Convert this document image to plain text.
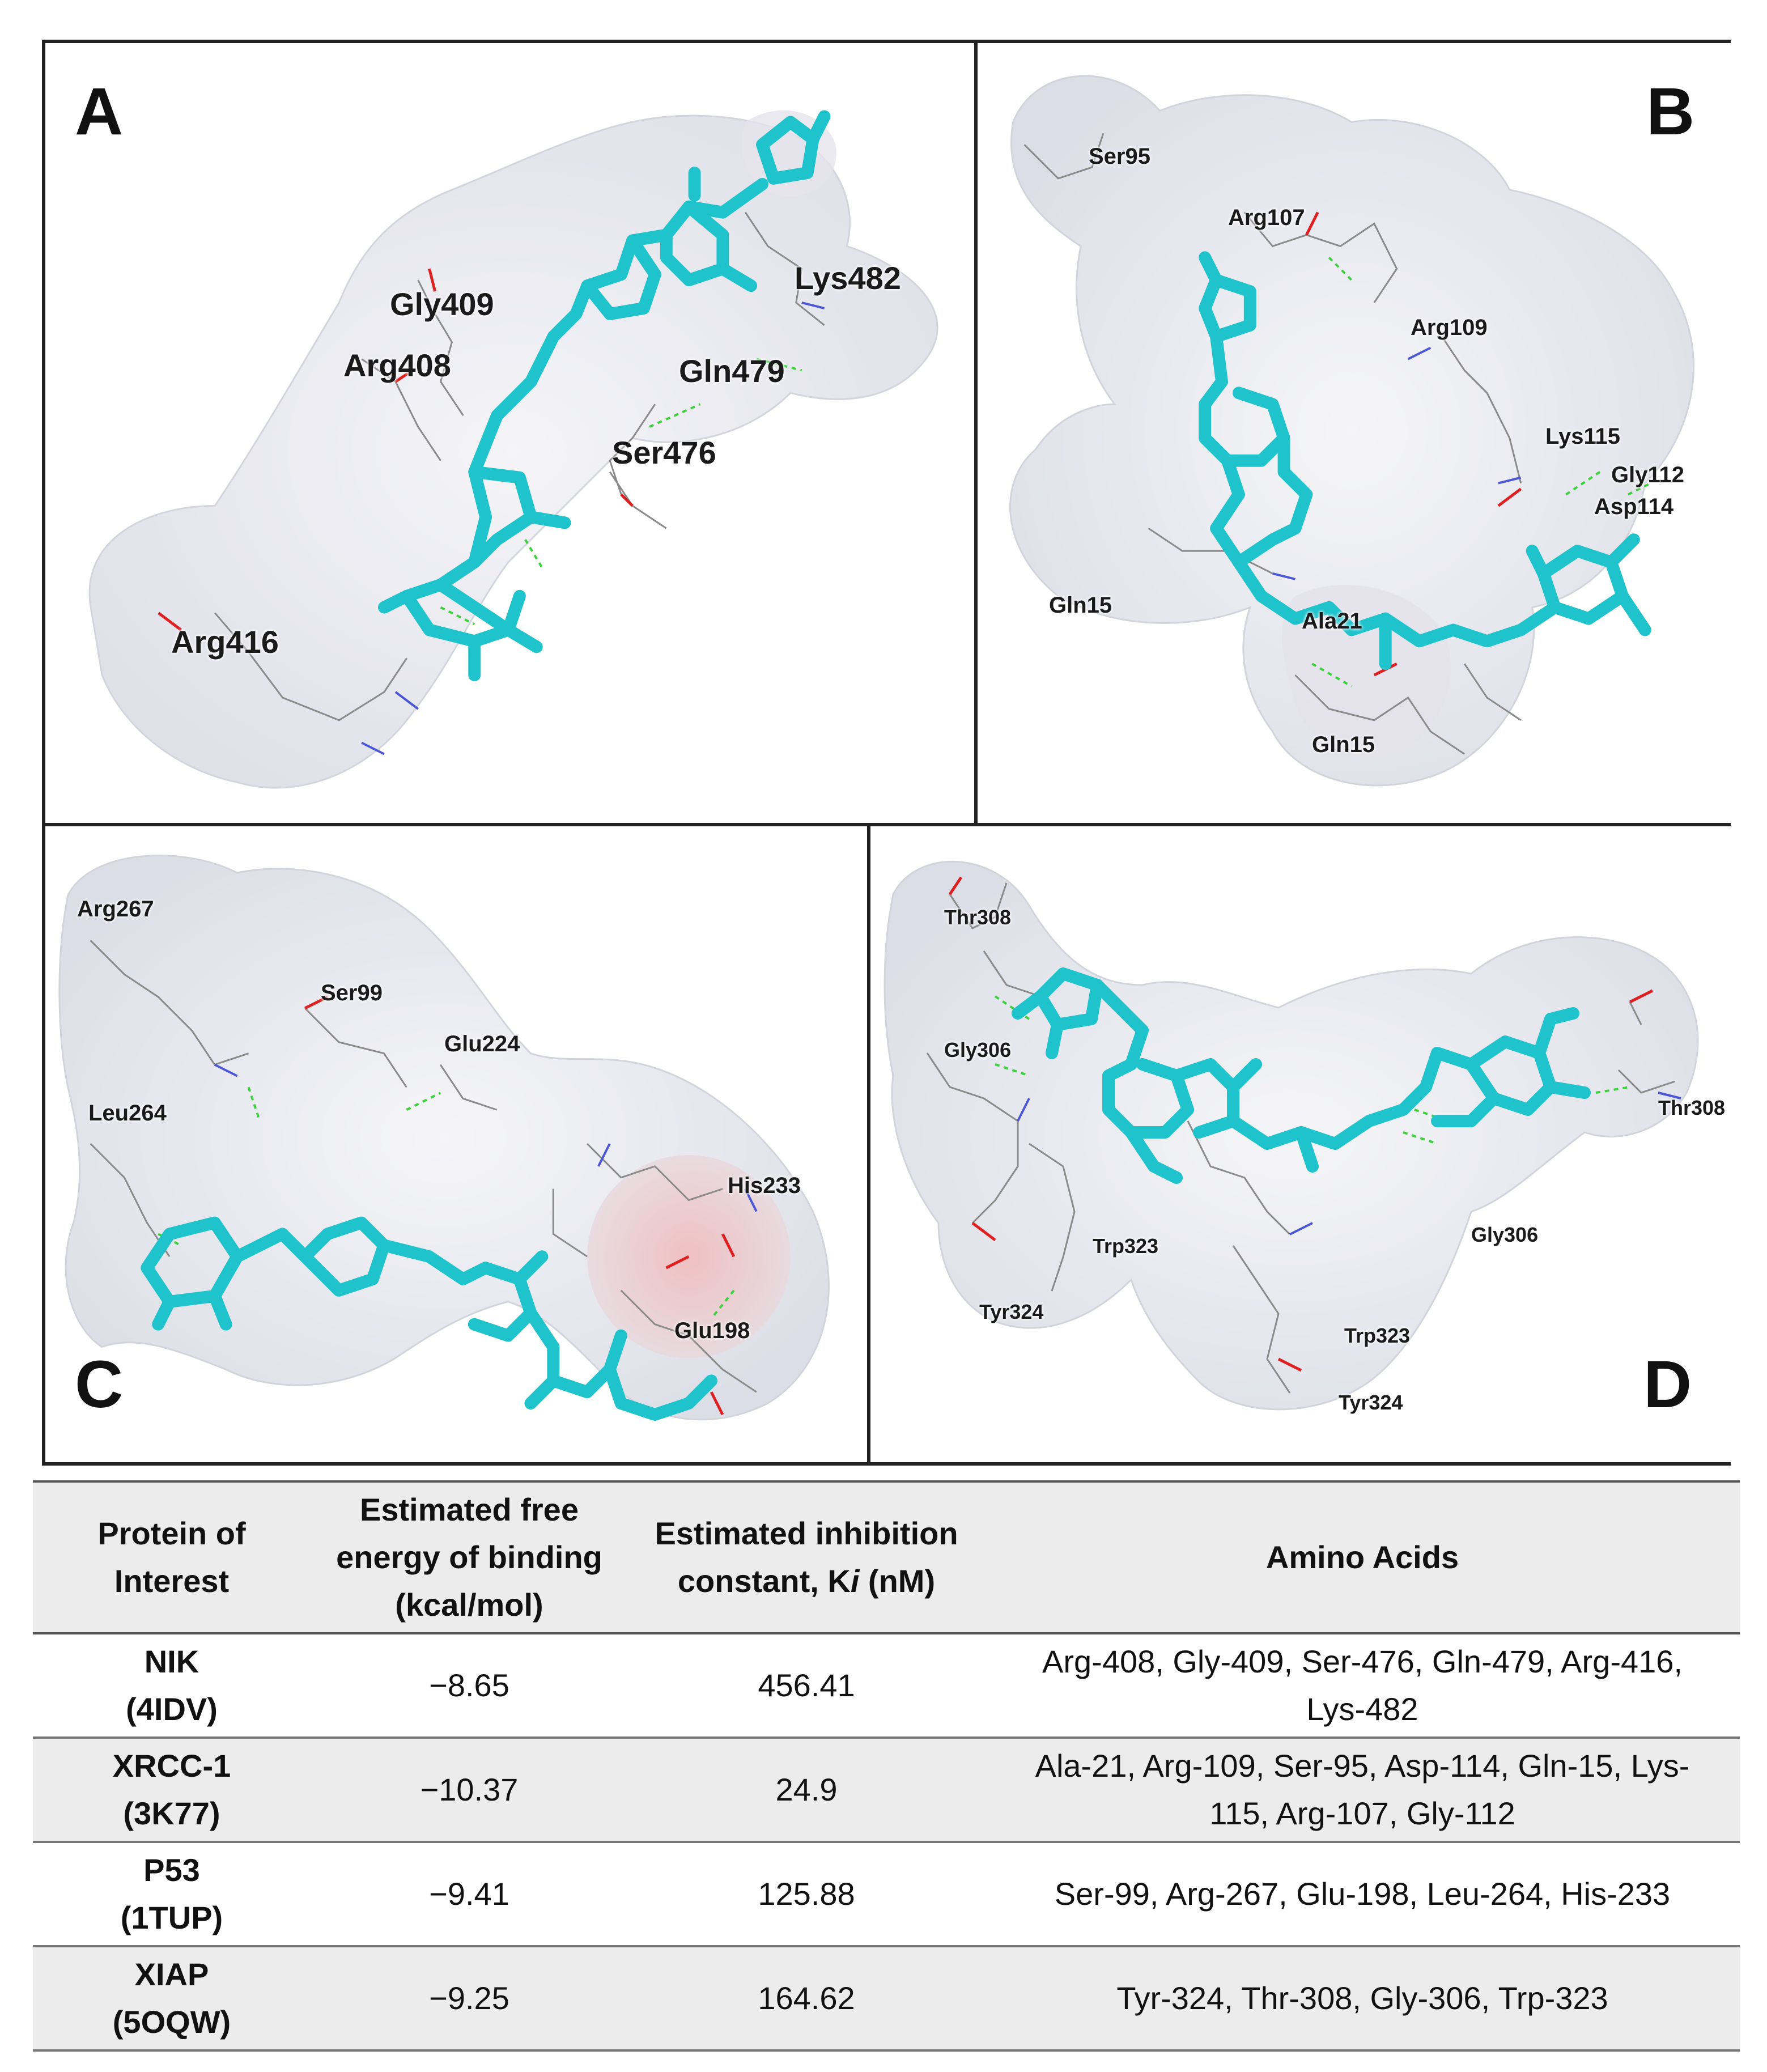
A
Gly409
Arg408
Lys482
Gln479
Ser476
Arg416
B
Ser95
Arg107
Arg109
Lys115
Gly112
Asp114
Gln15
Ala21
Gln15
C
Arg267
Ser99
Glu224
Leu264
His233
Glu198
D
Thr308
Gly306
Thr308
Gly306
Trp323
Tyr324
Trp323
Tyr324
Protein of Interest	Estimated free energy of binding (kcal/mol)	Estimated inhibition constant, Ki (nM)	Amino Acids
NIK
(4IDV)	−8.65	456.41	Arg-408, Gly-409, Ser-476, Gln-479, Arg-416, Lys-482
XRCC-1
(3K77)	−10.37	24.9	Ala-21, Arg-109, Ser-95, Asp-114, Gln-15, Lys-115, Arg-107, Gly-112
P53
(1TUP)	−9.41	125.88	Ser-99, Arg-267, Glu-198, Leu-264, His-233
XIAP
(5OQW)	−9.25	164.62	Tyr-324, Thr-308, Gly-306, Trp-323
